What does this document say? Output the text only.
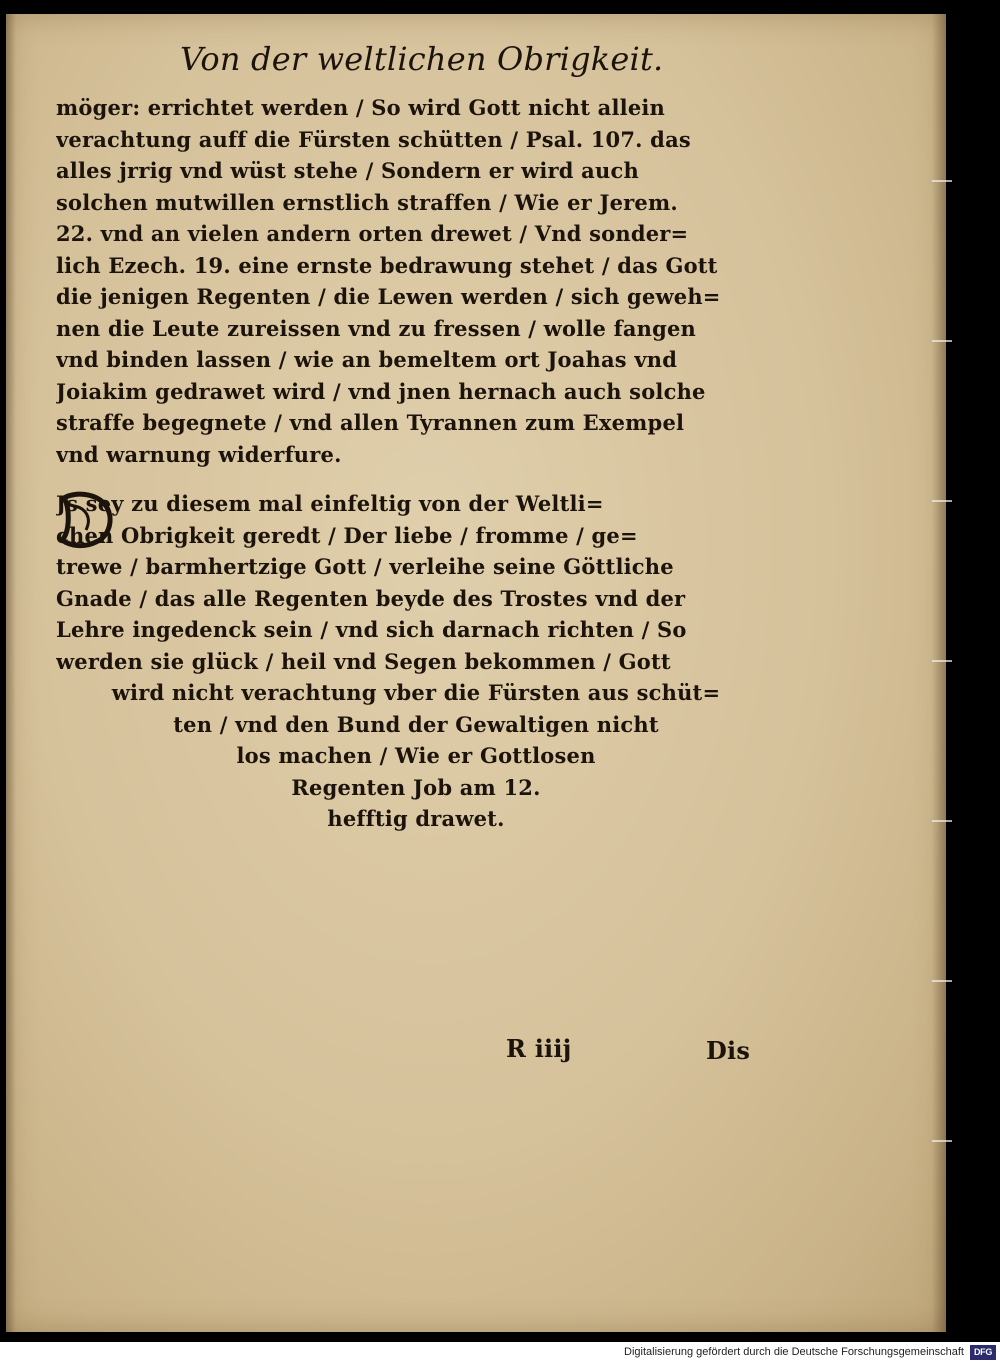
Von der weltlichen Obrigkeit.
möger: errichtet werden / So wird Gott nicht allein
verachtung auff die Fürsten schütten / Psal. 107. das
alles jrrig vnd wüst stehe / Sondern er wird auch
solchen mutwillen ernstlich straffen / Wie er Jerem.
22. vnd an vielen andern orten drewet / Vnd sonder=
lich Ezech. 19. eine ernste bedrawung stehet / das Gott
die jenigen Regenten / die Lewen werden / sich geweh=
nen die Leute zureissen vnd zu fressen / wolle fangen
vnd binden lassen / wie an bemeltem ort Joahas vnd
Joiakim gedrawet wird / vnd jnen hernach auch solche
straffe begegnete / vnd allen Tyrannen zum Exempel
vnd warnung widerfure.
Js sey zu diesem mal einfeltig von der Weltli=
chen Obrigkeit geredt / Der liebe / fromme / ge=
trewe / barmhertzige Gott / verleihe seine Göttliche
Gnade / das alle Regenten beyde des Trostes vnd der
Lehre ingedenck sein / vnd sich darnach richten / So
werden sie glück / heil vnd Segen bekommen / Gott
wird nicht verachtung vber die Fürsten aus schüt=
ten / vnd den Bund der Gewaltigen nicht
los machen / Wie er Gottlosen
Regenten Job am 12.
hefftig drawet.
R iiij	Dis
Digitalisierung gefördert durch die Deutsche Forschungsgemeinschaft	DFG
